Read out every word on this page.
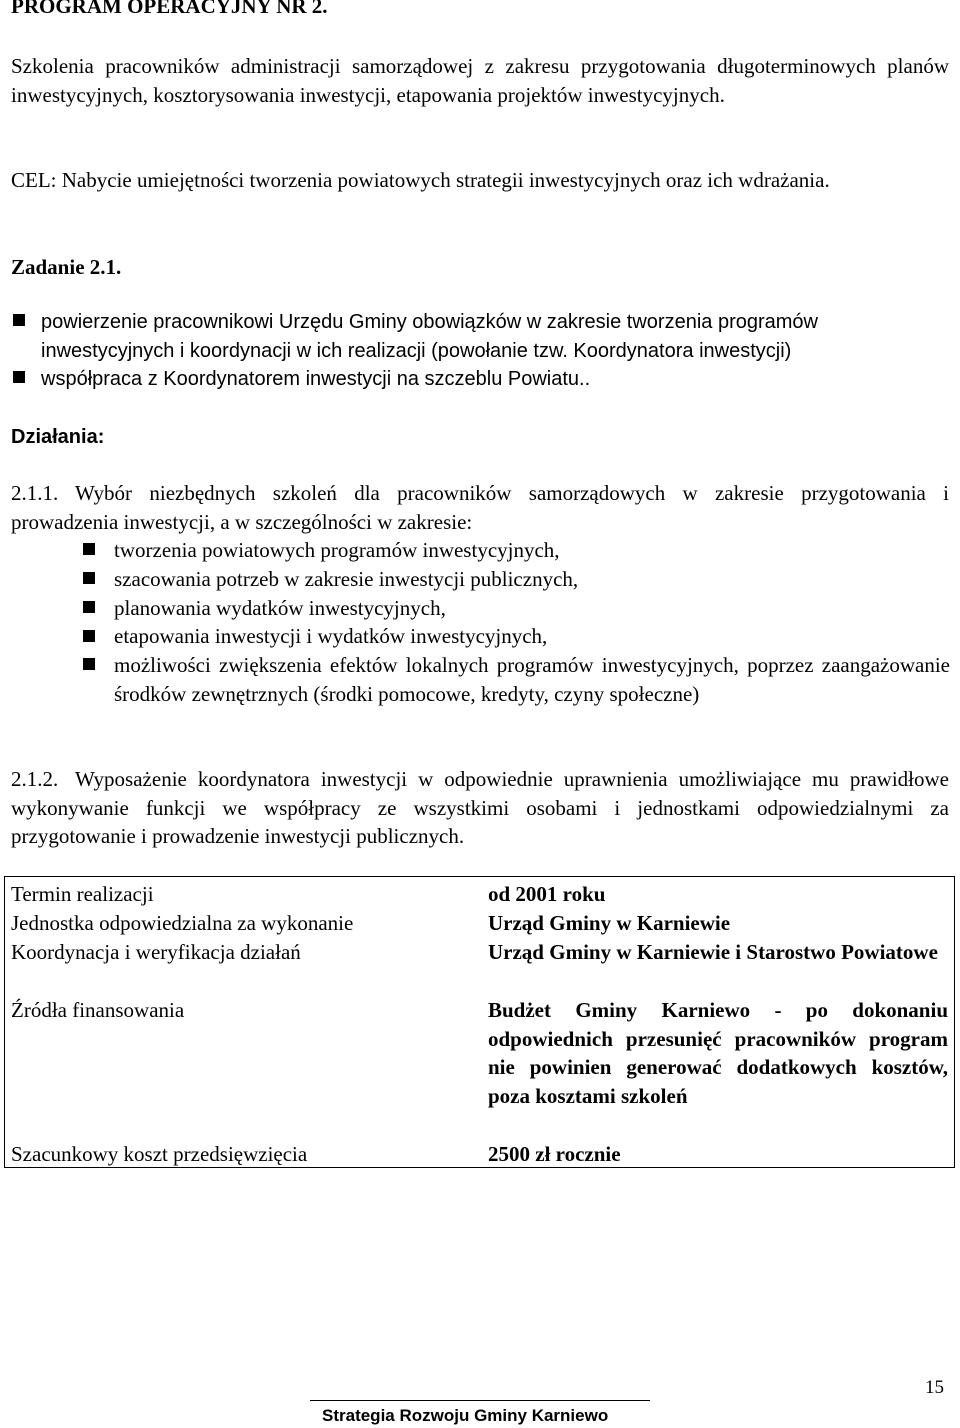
PROGRAM OPERACYJNY NR 2.
Szkolenia pracowników administracji samorządowej z zakresu przygotowania długoterminowych planów inwestycyjnych, kosztorysowania inwestycji, etapowania projektów inwestycyjnych.
CEL: Nabycie umiejętności tworzenia powiatowych strategii inwestycyjnych oraz ich wdrażania.
Zadanie 2.1.
powierzenie pracownikowi Urzędu Gminy obowiązków w zakresie tworzenia programów inwestycyjnych i koordynacji w ich realizacji (powołanie tzw. Koordynatora inwestycji)
współpraca z Koordynatorem inwestycji na szczeblu Powiatu..
Działania:
2.1.1. Wybór niezbędnych szkoleń dla pracowników samorządowych w zakresie przygotowania i prowadzenia inwestycji, a w szczególności w zakresie:
tworzenia powiatowych programów inwestycyjnych,
szacowania potrzeb w zakresie inwestycji publicznych,
planowania wydatków inwestycyjnych,
etapowania inwestycji i wydatków inwestycyjnych,
możliwości zwiększenia efektów lokalnych programów inwestycyjnych, poprzez zaangażowanie środków zewnętrznych (środki pomocowe, kredyty, czyny społeczne)
2.1.2. Wyposażenie koordynatora inwestycji w odpowiednie uprawnienia umożliwiające mu prawidłowe wykonywanie funkcji we współpracy ze wszystkimi osobami i jednostkami odpowiedzialnymi za przygotowanie i prowadzenie inwestycji publicznych.
Termin realizacji	od 2001 roku
Jednostka odpowiedzialna za wykonanie	Urząd Gminy w Karniewie
Koordynacja i weryfikacja działań	Urząd Gminy w Karniewie i Starostwo Powiatowe
Źródła finansowania	Budżet Gminy Karniewo - po dokonaniu odpowiednich przesunięć pracowników program nie powinien generować dodatkowych kosztów, poza kosztami szkoleń
Szacunkowy koszt przedsięwzięcia	2500 zł rocznie
15
Strategia Rozwoju Gminy Karniewo
